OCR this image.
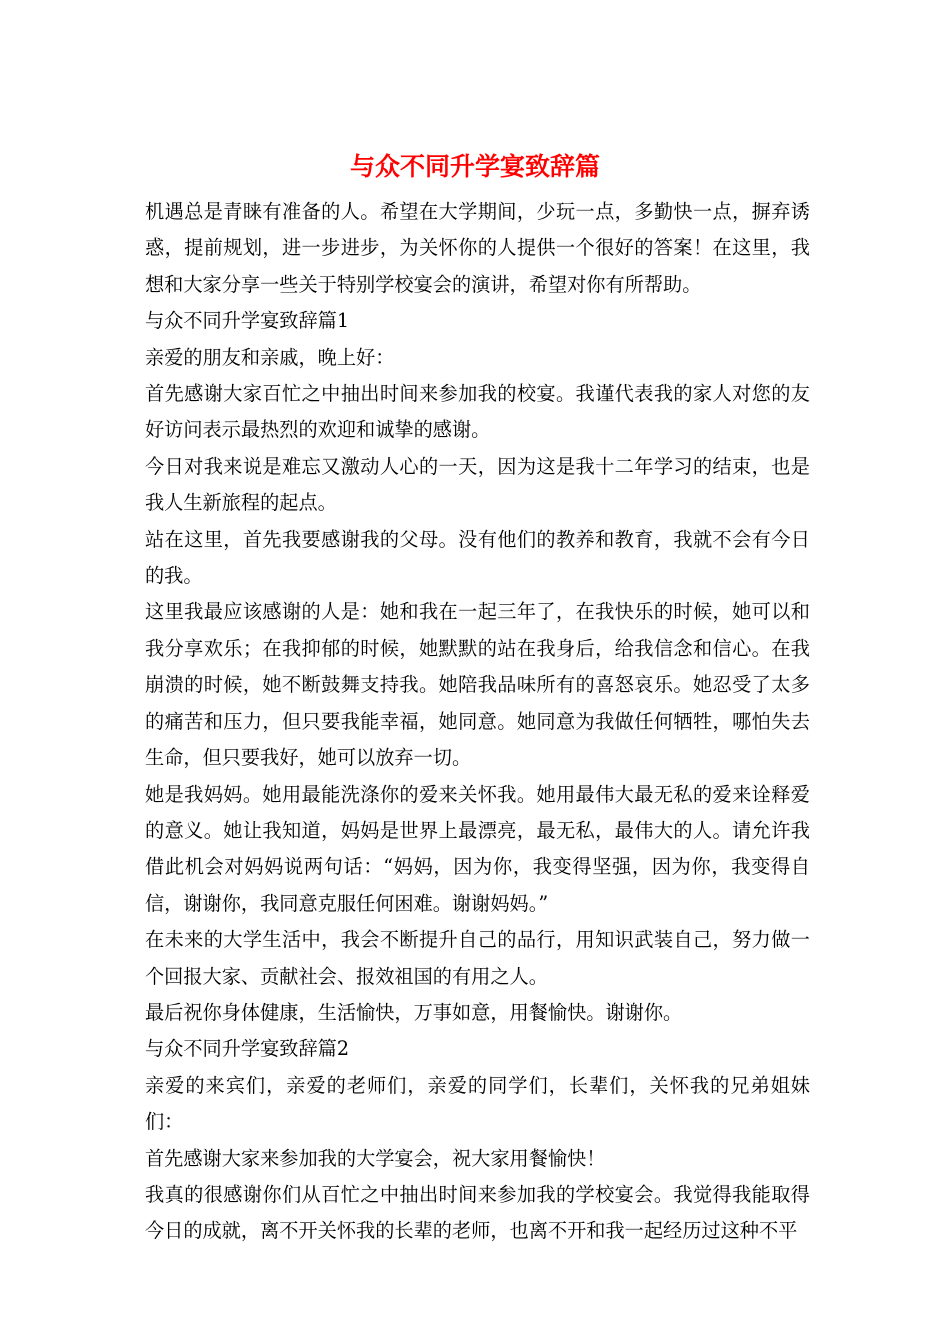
与众不同升学宴致辞篇

机遇总是青睐有准备的人。希望在大学期间，少玩一点，多勤快一点，摒弃诱惑，提前规划，进一步进步，为关怀你的人提供一个很好的答案！在这里，我想和大家分享一些关于特别学校宴会的演讲，希望对你有所帮助。

与众不同升学宴致辞篇1

亲爱的朋友和亲戚，晚上好：

首先感谢大家百忙之中抽出时间来参加我的校宴。我谨代表我的家人对您的友好访问表示最热烈的欢迎和诚挚的感谢。

今日对我来说是难忘又激动人心的一天，因为这是我十二年学习的结束，也是我人生新旅程的起点。

站在这里，首先我要感谢我的父母。没有他们的教养和教育，我就不会有今日的我。

这里我最应该感谢的人是：她和我在一起三年了，在我快乐的时候，她可以和我分享欢乐；在我抑郁的时候，她默默的站在我身后，给我信念和信心。在我崩溃的时候，她不断鼓舞支持我。她陪我品味所有的喜怒哀乐。她忍受了太多的痛苦和压力，但只要我能幸福，她同意。她同意为我做任何牺牲，哪怕失去生命，但只要我好，她可以放弃一切。

她是我妈妈。她用最能洗涤你的爱来关怀我。她用最伟大最无私的爱来诠释爱的意义。她让我知道，妈妈是世界上最漂亮，最无私，最伟大的人。请允许我借此机会对妈妈说两句话：“妈妈，因为你，我变得坚强，因为你，我变得自信，谢谢你，我同意克服任何困难。谢谢妈妈。”

在未来的大学生活中，我会不断提升自己的品行，用知识武装自己，努力做一个回报大家、贡献社会、报效祖国的有用之人。

最后祝你身体健康，生活愉快，万事如意，用餐愉快。谢谢你。

与众不同升学宴致辞篇2

亲爱的来宾们，亲爱的老师们，亲爱的同学们，长辈们，关怀我的兄弟姐妹们：

首先感谢大家来参加我的大学宴会，祝大家用餐愉快！

我真的很感谢你们从百忙之中抽出时间来参加我的学校宴会。我觉得我能取得今日的成就，离不开关怀我的长辈的老师，也离不开和我一起经历过这种不平
